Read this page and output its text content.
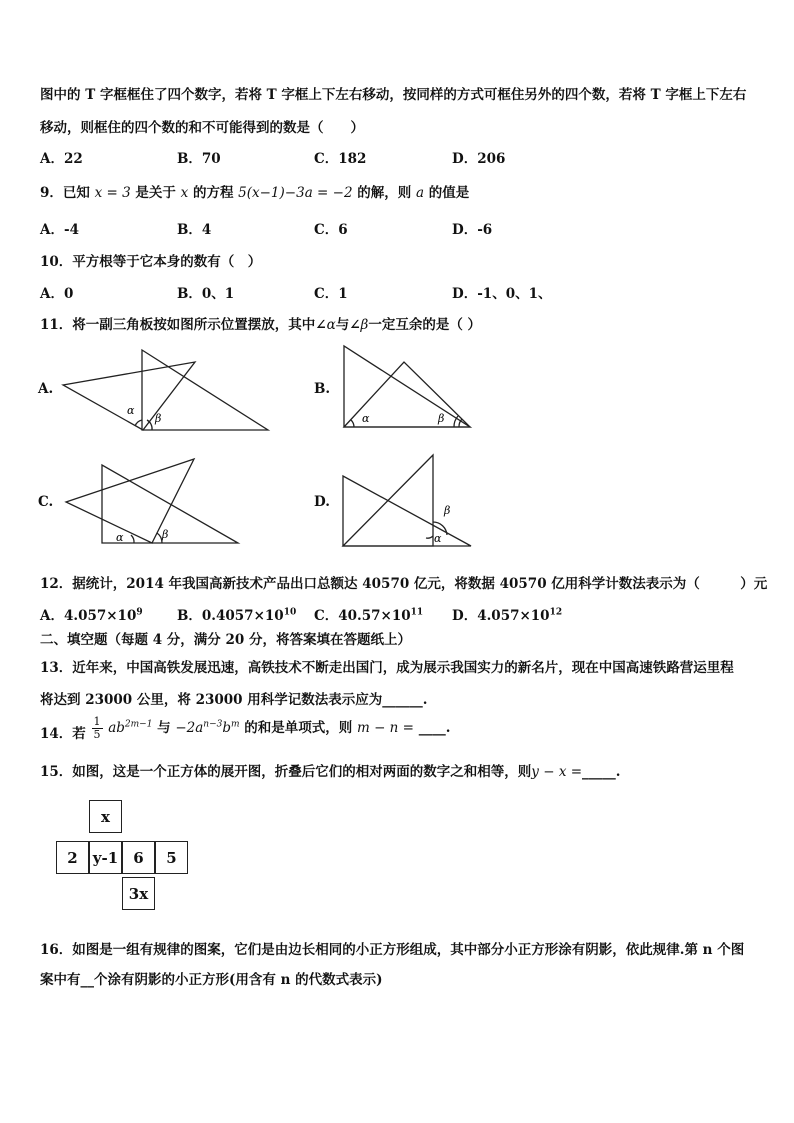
图中的 T 字框框住了四个数字，若将 T 字框上下左右移动，按同样的方式可框住另外的四个数，若将 T 字框上下左右
移动，则框住的四个数的和不可能得到的数是（　　）
A．22	B．70	C．182	D．206
9．已知 x = 3 是关于 x 的方程 5(x−1)−3a = −2 的解，则 a 的值是
A．-4	B．4	C．6	D．-6
10．平方根等于它本身的数有（　）
A．0	B．0、1	C．1	D．-1、0、1、
11．将一副三角板按如图所示位置摆放，其中∠α与∠β一定互余的是（ ）
A.	B.
C.	D.
α
β	α	β
α	β	α
β
12．据统计，2014 年我国高新技术产品出口总额达 40570 亿元，将数据 40570 亿用科学计数法表示为（　　　）元
A．$4.057\times 10^9$	B．$0.4057\times 10^{10}$ C．$40.57\times 10^{11}$ D．$4.057\times 10^{12}$
二、填空题（每题 4 分，满分 20 分，将答案填在答题纸上）
13．近年来，中国高铁发展迅速，高铁技术不断走出国门，成为展示我国实力的新名片，现在中国高速铁路营运里程
将达到 23000 公里，将 23000 用科学记数法表示应为______.
14．若 $\frac{1}{5} ab^{2m-1}$ 与 $-2a^{n-3}b^m$ 的和是单项式，则 m − n = ____.
15．如图，这是一个正方体的展开图，折叠后它们的相对两面的数字之和相等，则y − x =_____.
x
2	y-1	6	5
3x
16．如图是一组有规律的图案，它们是由边长相同的小正方形组成，其中部分小正方形涂有阴影，依此规律.第 n 个图
案中有__个涂有阴影的小正方形(用含有 n 的代数式表示)
